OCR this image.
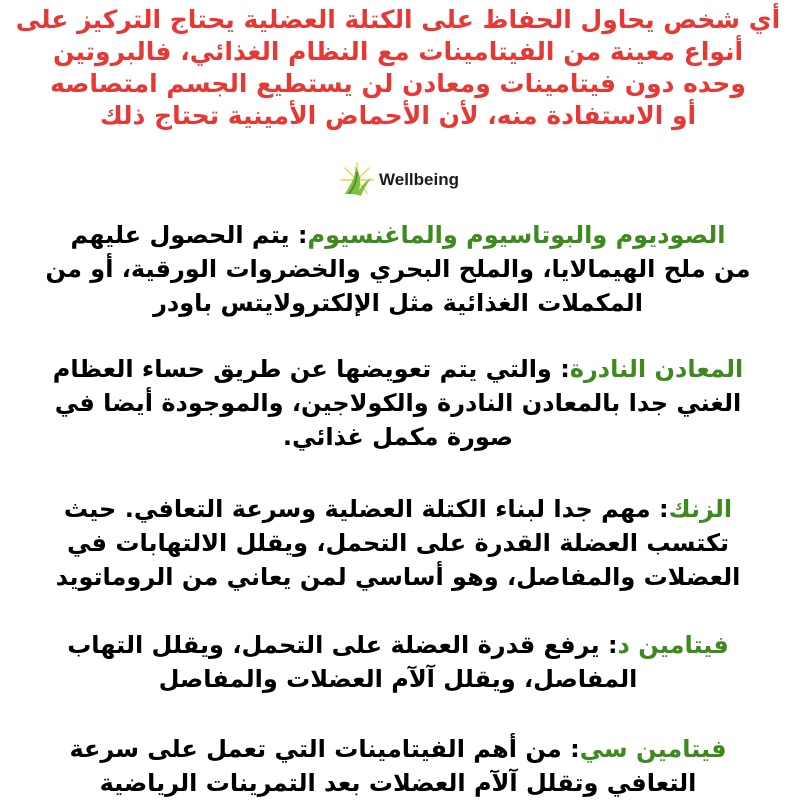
أي شخص يحاول الحفاظ على الكتلة العضلية يحتاج التركيز على
أنواع معينة من الفيتامينات مع النظام الغذائي، فالبروتين
وحده دون فيتامينات ومعادن لن يستطيع الجسم امتصاصه
أو الاستفادة منه، لأن الأحماض الأمينية تحتاج ذلك

Wellbeing

الصوديوم والبوتاسيوم والماغنسيوم: يتم الحصول عليهم
من ملح الهيمالايا، والملح البحري والخضروات الورقية، أو من
المكملات الغذائية مثل الإلكترولايتس باودر

المعادن النادرة: والتي يتم تعويضها عن طريق حساء العظام
الغني جدا بالمعادن النادرة والكولاجين، والموجودة أيضا في
صورة مكمل غذائي.

الزنك: مهم جدا لبناء الكتلة العضلية وسرعة التعافي. حيث
تكتسب العضلة القدرة على التحمل، ويقلل الالتهابات في
العضلات والمفاصل، وهو أساسي لمن يعاني من الروماتويد

فيتامين د: يرفع قدرة العضلة على التحمل، ويقلل التهاب
المفاصل، ويقلل آلآم العضلات والمفاصل

فيتامين سي: من أهم الفيتامينات التي تعمل على سرعة
التعافي وتقلل آلآم العضلات بعد التمرينات الرياضية
